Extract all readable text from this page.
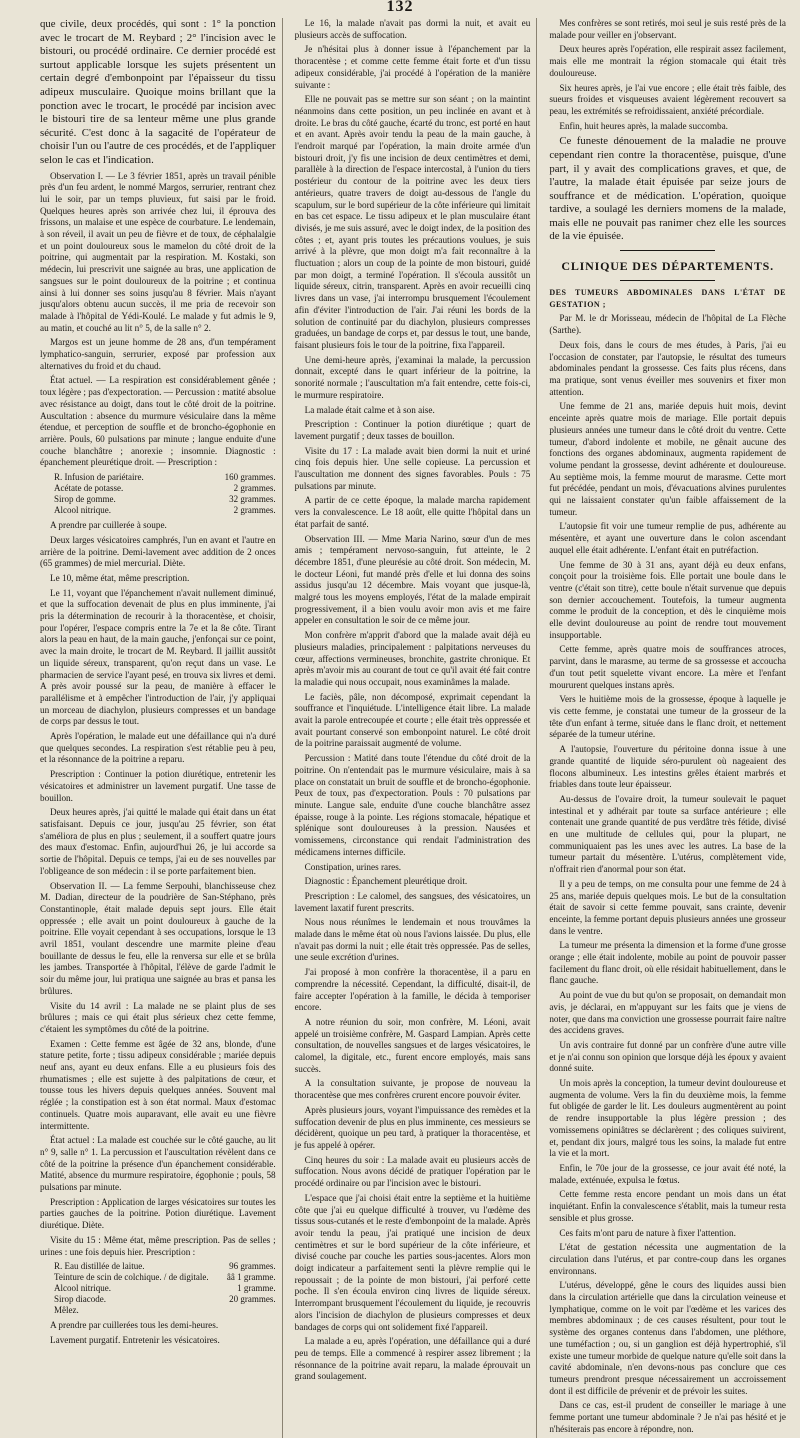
132

que civile, deux procédés, qui sont : 1° la ponction avec le trocart de M. Reybard ; 2° l'incision avec le bistouri, ou procédé ordinaire. Ce dernier procédé est surtout applicable lorsque les sujets présentent un certain degré d'embonpoint par l'épaisseur du tissu adipeux musculaire. Quoique moins brillant que la ponction avec le trocart, le procédé par incision avec le bistouri tire de sa lenteur même une plus grande sécurité. C'est donc à la sagacité de l'opérateur de choisir l'un ou l'autre de ces procédés, et de l'appliquer selon le cas et l'indication.

Observation I. — Le 3 février 1851, après un travail pénible près d'un feu ardent, le nommé Margos, serrurier, rentrant chez lui le soir, par un temps pluvieux, fut saisi par le froid. Quelques heures après son arrivée chez lui, il éprouva des frissons, un malaise et une espèce de courbature. Le lendemain, à son réveil, il avait un peu de fièvre et de toux, de céphalalgie et un point douloureux sous le mamelon du côté droit de la poitrine, qui augmentait par la respiration. M. Kostaki, son médecin, lui prescrivit une saignée au bras, une application de sangsues sur le point douloureux de la poitrine ; et continua ainsi à lui donner ses soins jusqu'au 8 février. Mais n'ayant jusqu'alors obtenu aucun succès, il me pria de recevoir son malade à l'hôpital de Yédi-Koulé. Le malade y fut admis le 9, au matin, et couché au lit n° 5, de la salle n° 2.

Margos est un jeune homme de 28 ans, d'un tempérament lymphatico-sanguin, serrurier, exposé par profession aux alternatives du froid et du chaud.

État actuel. — La respiration est considérablement gênée ; toux légère ; pas d'expectoration. — Percussion : matité absolue avec résistance au doigt, dans tout le côté droit de la poitrine. Auscultation : absence du murmure vésiculaire dans la même étendue, et perception de souffle et de broncho-égophonie en arrière. Pouls, 60 pulsations par minute ; langue enduite d'une couche blanchâtre ; anorexie ; insomnie. Diagnostic : épanchement pleurétique droit. — Prescription :

R. Infusion de pariétaire.	160 grammes.
Acétate de potasse.	2 grammes.
Sirop de gomme.	32 grammes.
Alcool nitrique.	2 grammes.

A prendre par cuillerée à soupe.

Deux larges vésicatoires camphrés, l'un en avant et l'autre en arrière de la poitrine. Demi-lavement avec addition de 2 onces (65 grammes) de miel mercurial. Diète.

Le 10, même état, même prescription.

Le 11, voyant que l'épanchement n'avait nullement diminué, et que la suffocation devenait de plus en plus imminente, j'ai pris la détermination de recourir à la thoracentèse, et choisir, pour l'opérer, l'espace compris entre la 7e et la 8e côte. Tirant alors la peau en haut, de la main gauche, j'enfonçai sur ce point, avec la main droite, le trocart de M. Reybard. Il jaillit aussitôt un liquide séreux, transparent, qu'on reçut dans un vase. Le pharmacien de service l'ayant pesé, en trouva six livres et demi. A près avoir poussé sur la peau, de manière à effacer le parallélisme et à empêcher l'introduction de l'air, j'y appliquai un morceau de diachylon, plusieurs compresses et un bandage de corps par dessus le tout.

Après l'opération, le malade eut une défaillance qui n'a duré que quelques secondes. La respiration s'est rétablie peu à peu, et la résonnance de la poitrine a reparu.

Prescription : Continuer la potion diurétique, entretenir les vésicatoires et administrer un lavement purgatif. Une tasse de bouillon.

Deux heures après, j'ai quitté le malade qui était dans un état satisfaisant. Depuis ce jour, jusqu'au 25 février, son état s'améliora de plus en plus ; seulement, il a souffert quatre jours des maux d'estomac. Enfin, aujourd'hui 26, je lui accorde sa sortie de l'hôpital. Depuis ce temps, j'ai eu de ses nouvelles par l'obligeance de son médecin : il se porte parfaitement bien.

Observation II. — La femme Serpouhi, blanchisseuse chez M. Dadian, directeur de la poudrière de San-Stéphano, près Constantinople, était malade depuis sept jours. Elle était oppressée ; elle avait un point douloureux à gauche de la poitrine. Elle voyait cependant à ses occupations, lorsque le 13 avril 1851, voulant descendre une marmite pleine d'eau bouillante de dessus le feu, elle la renversa sur elle et se brûla les jambes. Transportée à l'hôpital, l'élève de garde l'admit le soir du même jour, lui pratiqua une saignée au bras et pansa les brûlures.

Visite du 14 avril : La malade ne se plaint plus de ses brûlures ; mais ce qui était plus sérieux chez cette femme, c'étaient les symptômes du côté de la poitrine.

Examen : Cette femme est âgée de 32 ans, blonde, d'une stature petite, forte ; tissu adipeux considérable ; mariée depuis neuf ans, ayant eu deux enfans. Elle a eu plusieurs fois des rhumatismes ; elle est sujette à des palpitations de cœur, et tousse tous les hivers depuis quelques années. Souvent mal réglée ; la constipation est à son état normal. Maux d'estomac continuels. Quatre mois auparavant, elle avait eu une fièvre intermittente.

État actuel : La malade est couchée sur le côté gauche, au lit n° 9, salle n° 1. La percussion et l'auscultation révèlent dans ce côté de la poitrine la présence d'un épanchement considérable. Matité, absence du murmure respiratoire, égophonie ; pouls, 58 pulsations par minute.

Prescription : Application de larges vésicatoires sur toutes les parties gauches de la poitrine. Potion diurétique. Lavement diurétique. Diète.

Visite du 15 : Même état, même prescription. Pas de selles ; urines : une fois depuis hier. Prescription :

R. Eau distillée de laitue.	96 grammes.
Teinture de scin de colchique. / de digitale.	ââ 1 gramme.
Alcool nitrique.	1 gramme.
Sirop diacode.	20 grammes.
Mêlez.

A prendre par cuillerées tous les demi-heures.

Lavement purgatif. Entretenir les vésicatoires.

Le 16, la malade n'avait pas dormi la nuit, et avait eu plusieurs accès de suffocation.

Je n'hésitai plus à donner issue à l'épanchement par la thoracentèse ; et comme cette femme était forte et d'un tissu adipeux considérable, j'ai procédé à l'opération de la manière suivante :

Elle ne pouvait pas se mettre sur son séant ; on la maintint néanmoins dans cette position, un peu inclinée en avant et à droite. Le bras du côté gauche, écarté du tronc, est porté en haut et en avant. Après avoir tendu la peau de la main gauche, à l'endroit marqué par l'opération, la main droite armée d'un bistouri droit, j'y fis une incision de deux centimètres et demi, parallèle à la direction de l'espace intercostal, à l'union du tiers postérieur du contour de la poitrine avec les deux tiers antérieurs, quatre travers de doigt au-dessous de l'angle du scapulum, sur le bord supérieur de la côte inférieure qui limitait en bas cet espace. Le tissu adipeux et le plan musculaire étant divisés, je me suis assuré, avec le doigt index, de la position des côtes ; et, ayant pris toutes les précautions voulues, je suis arrivé à la plèvre, que mon doigt m'a fait reconnaître à la fluctuation ; alors un coup de la pointe de mon bistouri, guidé par mon doigt, a terminé l'opération. Il s'écoula aussitôt un liquide séreux, citrin, transparent. Après en avoir recueilli cinq livres dans un vase, j'ai interrompu brusquement l'écoulement afin d'éviter l'introduction de l'air. J'ai réuni les bords de la solution de continuité par du diachylon, plusieurs compresses graduées, un bandage de corps et, par dessus le tout, une bande, faisant plusieurs fois le tour de la poitrine, fixa l'appareil.

Une demi-heure après, j'examinai la malade, la percussion donnait, excepté dans le quart inférieur de la poitrine, la sonorité normale ; l'auscultation m'a fait entendre, cette fois-ci, le murmure respiratoire.

La malade était calme et à son aise.

Prescription : Continuer la potion diurétique ; quart de lavement purgatif ; deux tasses de bouillon.

Visite du 17 : La malade avait bien dormi la nuit et uriné cinq fois depuis hier. Une selle copieuse. La percussion et l'auscultation me donnent des signes favorables. Pouls : 75 pulsations par minute.

A partir de ce cette époque, la malade marcha rapidement vers la convalescence. Le 18 août, elle quitte l'hôpital dans un état parfait de santé.

Observation III. — Mme Maria Narino, sœur d'un de mes amis ; tempérament nervoso-sanguin, fut atteinte, le 2 décembre 1851, d'une pleurésie au côté droit. Son médecin, M. le docteur Léoni, fut mandé près d'elle et lui donna des soins assidus jusqu'au 12 décembre. Mais voyant que jusque-là, malgré tous les moyens employés, l'état de la malade empirait progressivement, il a bien voulu avoir mon avis et me faire appeler en consultation le soir de ce même jour.

Mon confrère m'apprit d'abord que la malade avait déjà eu plusieurs maladies, principalement : palpitations nerveuses du cœur, affections vermineuses, bronchite, gastrite chronique. Et après m'avoir mis au courant de tout ce qu'il avait été fait contre la maladie qui nous occupait, nous examinâmes la malade.

Le faciès, pâle, non décomposé, exprimait cependant la souffrance et l'inquiétude. L'intelligence était libre. La malade avait la parole entrecoupée et courte ; elle était très oppressée et avait pourtant conservé son embonpoint naturel. Le côté droit de la poitrine paraissait augmenté de volume.

Percussion : Matité dans toute l'étendue du côté droit de la poitrine. On n'entendait pas le murmure vésiculaire, mais à sa place on constatait un bruit de souffle et de broncho-égophonie. Peux de toux, pas d'expectoration. Pouls : 70 pulsations par minute. Langue sale, enduite d'une couche blanchâtre assez épaisse, rouge à la pointe. Les régions stomacale, hépatique et splénique sont douloureuses à la pression. Nausées et vomissemens, circonstance qui rendait l'administration des médicamens internes difficile.

Constipation, urines rares.

Diagnostic : Épanchement pleurétique droit.

Prescription : Le calomel, des sangsues, des vésicatoires, un lavement laxatif furent prescrits.

Nous nous réunîmes le lendemain et nous trouvâmes la malade dans le même état où nous l'avions laissée. Du plus, elle n'avait pas dormi la nuit ; elle était très oppressée. Pas de selles, une seule excrétion d'urines.

J'ai proposé à mon confrère la thoracentèse, il a paru en comprendre la nécessité. Cependant, la difficulté, disait-il, de faire accepter l'opération à la famille, le décida à temporiser encore.

A notre réunion du soir, mon confrère, M. Léoni, avait appelé un troisième confrère, M. Gaspard Lampian. Après cette consultation, de nouvelles sangsues et de larges vésicatoires, le calomel, la digitale, etc., furent encore employés, mais sans succès.

A la consultation suivante, je propose de nouveau la thoracentèse que mes confrères crurent encore pouvoir éviter.

Après plusieurs jours, voyant l'impuissance des remèdes et la suffocation devenir de plus en plus imminente, ces messieurs se décidèrent, quoique un peu tard, à pratiquer la thoracentèse, et je fus appelé à opérer.

Cinq heures du soir : La malade avait eu plusieurs accès de suffocation. Nous avons décidé de pratiquer l'opération par le procédé ordinaire ou par l'incision avec le bistouri.

L'espace que j'ai choisi était entre la septième et la huitième côte que j'ai eu quelque difficulté à trouver, vu l'œdème des tissus sous-cutanés et le reste d'embonpoint de la malade. Après avoir tendu la peau, j'ai pratiqué une incision de deux centimètres et sur le bord supérieur de la côte inférieure, et divisé couche par couche les parties sous-jacentes. Alors mon doigt indicateur a parfaitement senti la plèvre remplie qui le repoussait ; de la pointe de mon bistouri, j'ai perforé cette poche. Il s'en écoula environ cinq livres de liquide séreux. Interrompant brusquement l'écoulement du liquide, je recouvris alors l'incision de diachylon de plusieurs compresses et deux bandages de corps qui ont solidement fixé l'appareil.

La malade a eu, après l'opération, une défaillance qui a duré peu de temps. Elle a commencé à respirer assez librement ; la résonnance de la poitrine avait reparu, la malade éprouvait un grand soulagement.

Mes confrères se sont retirés, moi seul je suis resté près de la malade pour veiller en j'observant.

Deux heures après l'opération, elle respirait assez facilement, mais elle me montrait la région stomacale qui était très douloureuse.

Six heures après, je l'ai vue encore ; elle était très faible, des sueurs froides et visqueuses avaient légèrement recouvert sa peau, les extrémités se refroidissaient, anxiété précordiale.

Enfin, huit heures après, la malade succomba.

Ce funeste dénouement de la maladie ne prouve cependant rien contre la thoracentèse, puisque, d'une part, il y avait des complications graves, et que, de l'autre, la malade était épuisée par seize jours de souffrance et de médication. L'opération, quoique tardive, a soulagé les derniers momens de la malade, mais elle ne pouvait pas ranimer chez elle les sources de la vie épuisée.

CLINIQUE DES DÉPARTEMENTS.

DES TUMEURS ABDOMINALES DANS L'ÉTAT DE GESTATION ;

Par M. le dr Morisseau, médecin de l'hôpital de La Flèche (Sarthe).

Deux fois, dans le cours de mes études, à Paris, j'ai eu l'occasion de constater, par l'autopsie, le résultat des tumeurs abdominales pendant la grossesse. Ces faits plus récens, dans ma pratique, sont venus éveiller mes souvenirs et fixer mon attention.

Une femme de 21 ans, mariée depuis huit mois, devint enceinte après quatre mois de mariage. Elle portait depuis plusieurs années une tumeur dans le côté droit du ventre. Cette tumeur, d'abord indolente et mobile, ne gênait aucune des fonctions des organes abdominaux, augmenta rapidement de volume pendant la grossesse, devint adhérente et douloureuse. Au septième mois, la femme mourut de marasme. Cette mort fut précédée, pendant un mois, d'évacuations alvines purulentes qui ne laissaient constater qu'un faible affaissement de la tumeur.

L'autopsie fit voir une tumeur remplie de pus, adhérente au mésentère, et ayant une ouverture dans le colon ascendant auquel elle était adhérente. L'enfant était en putréfaction.

Une femme de 30 à 31 ans, ayant déjà eu deux enfans, conçoit pour la troisième fois. Elle portait une boule dans le ventre (c'était son titre), cette boule n'était survenue que depuis son dernier accouchement. Toutefois, la tumeur augmenta comme le produit de la conception, et dès le cinquième mois elle devint douloureuse au point de rendre tout mouvement insupportable.

Cette femme, après quatre mois de souffrances atroces, parvint, dans le marasme, au terme de sa grossesse et accoucha d'un tout petit squelette vivant encore. La mère et l'enfant moururent quelques instans après.

Vers le huitième mois de la grossesse, époque à laquelle je vis cette femme, je constatai une tumeur de la grosseur de la tête d'un enfant à terme, située dans le flanc droit, et nettement séparée de la tumeur utérine.

A l'autopsie, l'ouverture du péritoine donna issue à une grande quantité de liquide séro-purulent où nageaient des flocons albumineux. Les intestins grêles étaient marbrés et friables dans toute leur épaisseur.

Au-dessus de l'ovaire droit, la tumeur soulevait le paquet intestinal et y adhérait par toute sa surface antérieure ; elle contenait une grande quantité de pus verdâtre très fétide, divisé en une multitude de cellules qui, pour la plupart, ne communiquaient pas les unes avec les autres. La base de la tumeur partait du mésentère. L'utérus, complètement vide, n'offrait rien d'anormal pour son état.

Il y a peu de temps, on me consulta pour une femme de 24 à 25 ans, mariée depuis quelques mois. Le but de la consultation était de savoir si cette femme pouvait, sans crainte, devenir enceinte, la femme portant depuis plusieurs années une grosseur dans le ventre.

La tumeur me présenta la dimension et la forme d'une grosse orange ; elle était indolente, mobile au point de pouvoir passer facilement du flanc droit, où elle résidait habituellement, dans le flanc gauche.

Au point de vue du but qu'on se proposait, on demandait mon avis, je déclarai, en m'appuyant sur les faits que je viens de noter, que dans ma conviction une grossesse pourrait faire naître des accidens graves.

Un avis contraire fut donné par un confrère d'une autre ville et je n'ai connu son opinion que lorsque déjà les époux y avaient donné suite.

Un mois après la conception, la tumeur devint douloureuse et augmenta de volume. Vers la fin du deuxième mois, la femme fut obligée de garder le lit. Les douleurs augmentèrent au point de rendre insupportable la plus légère pression ; des vomissemens opiniâtres se déclarèrent ; des coliques suivirent, et, pendant dix jours, malgré tous les soins, la malade fut entre la vie et la mort.

Enfin, le 70e jour de la grossesse, ce jour avait été noté, la malade, exténuée, expulsa le fœtus.

Cette femme resta encore pendant un mois dans un état inquiétant. Enfin la convalescence s'établit, mais la tumeur resta sensible et plus grosse.

Ces faits m'ont paru de nature à fixer l'attention.

L'état de gestation nécessita une augmentation de la circulation dans l'utérus, et par contre-coup dans les organes environnans.

L'utérus, développé, gêne le cours des liquides aussi bien dans la circulation artérielle que dans la circulation veineuse et lymphatique, comme on le voit par l'œdème et les varices des membres abdominaux ; de ces causes résultent, pour tout le système des organes contenus dans l'abdomen, une pléthore, une tuméfaction ; ou, si un ganglion est déjà hypertrophié, s'il existe une tumeur morbide de quelque nature qu'elle soit dans la cavité abdominale, n'en devons-nous pas conclure que ces tumeurs prendront presque nécessairement un accroissement dont il est difficile de prévenir et de prévoir les suites.

Dans ce cas, est-il prudent de conseiller le mariage à une femme portant une tumeur abdominale ? Je n'ai pas hésité et je n'hésiterais pas encore à répondre, non.
